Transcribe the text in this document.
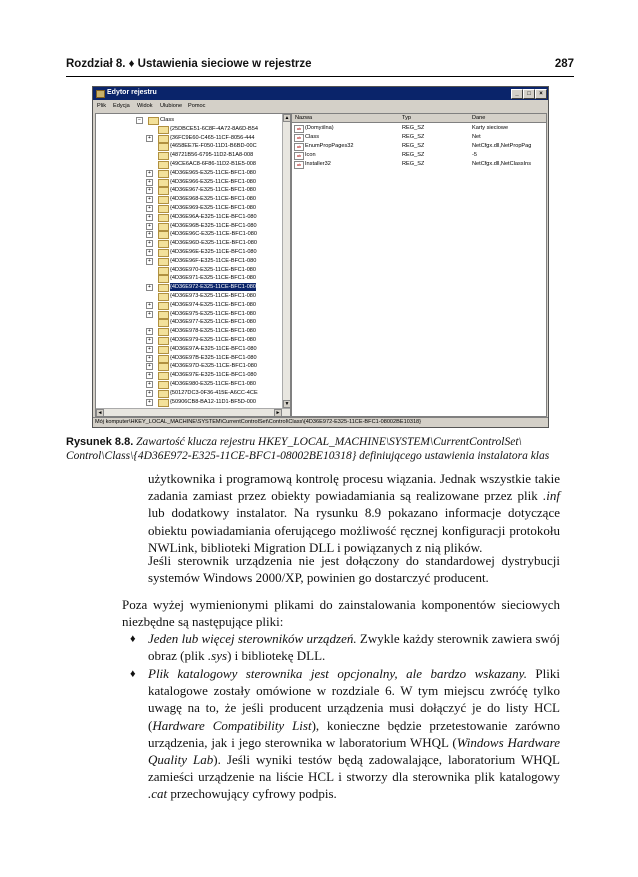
Rozdział 8. ♦ Ustawienia sieciowe w rejestrze	287
Edytor rejestru	_	□	×
Plik Edycja Widok Ulubione Pomoc
▲
▼
◄	►
−	Class
{25DBCE51-6C8F-4A72-8A6D-B54
+	{36FC9E60-C465-11CF-8056-444
{4658EE7E-F050-11D1-B6BD-00C
{48721B56-6795-11D2-B1A8-008
{49CE6AC8-6F86-11D2-B1E5-008
+	{4D36E965-E325-11CE-BFC1-080
+	{4D36E966-E325-11CE-BFC1-080
+	{4D36E967-E325-11CE-BFC1-080
+	{4D36E968-E325-11CE-BFC1-080
+	{4D36E969-E325-11CE-BFC1-080
+	{4D36E96A-E325-11CE-BFC1-080
+	{4D36E96B-E325-11CE-BFC1-080
+	{4D36E96C-E325-11CE-BFC1-080
+	{4D36E96D-E325-11CE-BFC1-080
+	{4D36E96E-E325-11CE-BFC1-080
+	{4D36E96F-E325-11CE-BFC1-080
{4D36E970-E325-11CE-BFC1-080
{4D36E971-E325-11CE-BFC1-080
+	{4D36E972-E325-11CE-BFC1-080
{4D36E973-E325-11CE-BFC1-080
+	{4D36E974-E325-11CE-BFC1-080
+	{4D36E975-E325-11CE-BFC1-080
{4D36E977-E325-11CE-BFC1-080
+	{4D36E978-E325-11CE-BFC1-080
+	{4D36E979-E325-11CE-BFC1-080
+	{4D36E97A-E325-11CE-BFC1-080
+	{4D36E97B-E325-11CE-BFC1-080
+	{4D36E97D-E325-11CE-BFC1-080
+	{4D36E97E-E325-11CE-BFC1-080
+	{4D36E980-E325-11CE-BFC1-080
+	{50127DC3-0F36-415E-A6CC-4CE
+	{50906CB8-BA12-11D1-BF5D-000
Nazwa	Typ	Dane
ab (Domyślna)	REG_SZ	Karty sieciowe
ab Class	REG_SZ	Net
ab EnumPropPages32	REG_SZ	NetCfgx.dll,NetPropPag
ab Icon	REG_SZ	-5
ab Installer32	REG_SZ	NetCfgx.dll,NetClassIns
Mój komputer\HKEY_LOCAL_MACHINE\SYSTEM\CurrentControlSet\Control\Class\{4D36E972-E325-11CE-BFC1-08002BE10318}
Rysunek 8.8. Zawartość klucza rejestru HKEY_LOCAL_MACHINE\SYSTEM\CurrentControlSet\
Control\Class\{4D36E972-E325-11CE-BFC1-08002BE10318} definiującego ustawienia instalatora klas
użytkownika i programową kontrolę procesu wiązania. Jednak wszystkie takie zadania zamiast przez obiekty powiadamiania są realizowane przez plik .inf lub dodatkowy instalator. Na rysunku 8.9 pokazano informacje dotyczące obiektu powiadamiania oferującego możliwość ręcznej konfiguracji protokołu NWLink, biblioteki Migration DLL i powiązanych z nią plików.
Jeśli sterownik urządzenia nie jest dołączony do standardowej dystrybucji systemów Windows 2000/XP, powinien go dostarczyć producent.
Poza wyżej wymienionymi plikami do zainstalowania komponentów sieciowych niezbędne są następujące pliki:
♦ Jeden lub więcej sterowników urządzeń. Zwykle każdy sterownik zawiera swój obraz (plik .sys) i bibliotekę DLL.
♦ Plik katalogowy sterownika jest opcjonalny, ale bardzo wskazany. Pliki katalogowe zostały omówione w rozdziale 6. W tym miejscu zwróćę tylko uwagę na to, że jeśli producent urządzenia musi dołączyć je do listy HCL (Hardware Compatibility List), konieczne będzie przetestowanie zarówno urządzenia, jak i jego sterownika w laboratorium WHQL (Windows Hardware Quality Lab). Jeśli wyniki testów będą zadowalające, laboratorium WHQL zamieści urządzenie na liście HCL i stworzy dla sterownika plik katalogowy .cat przechowujący cyfrowy podpis.
